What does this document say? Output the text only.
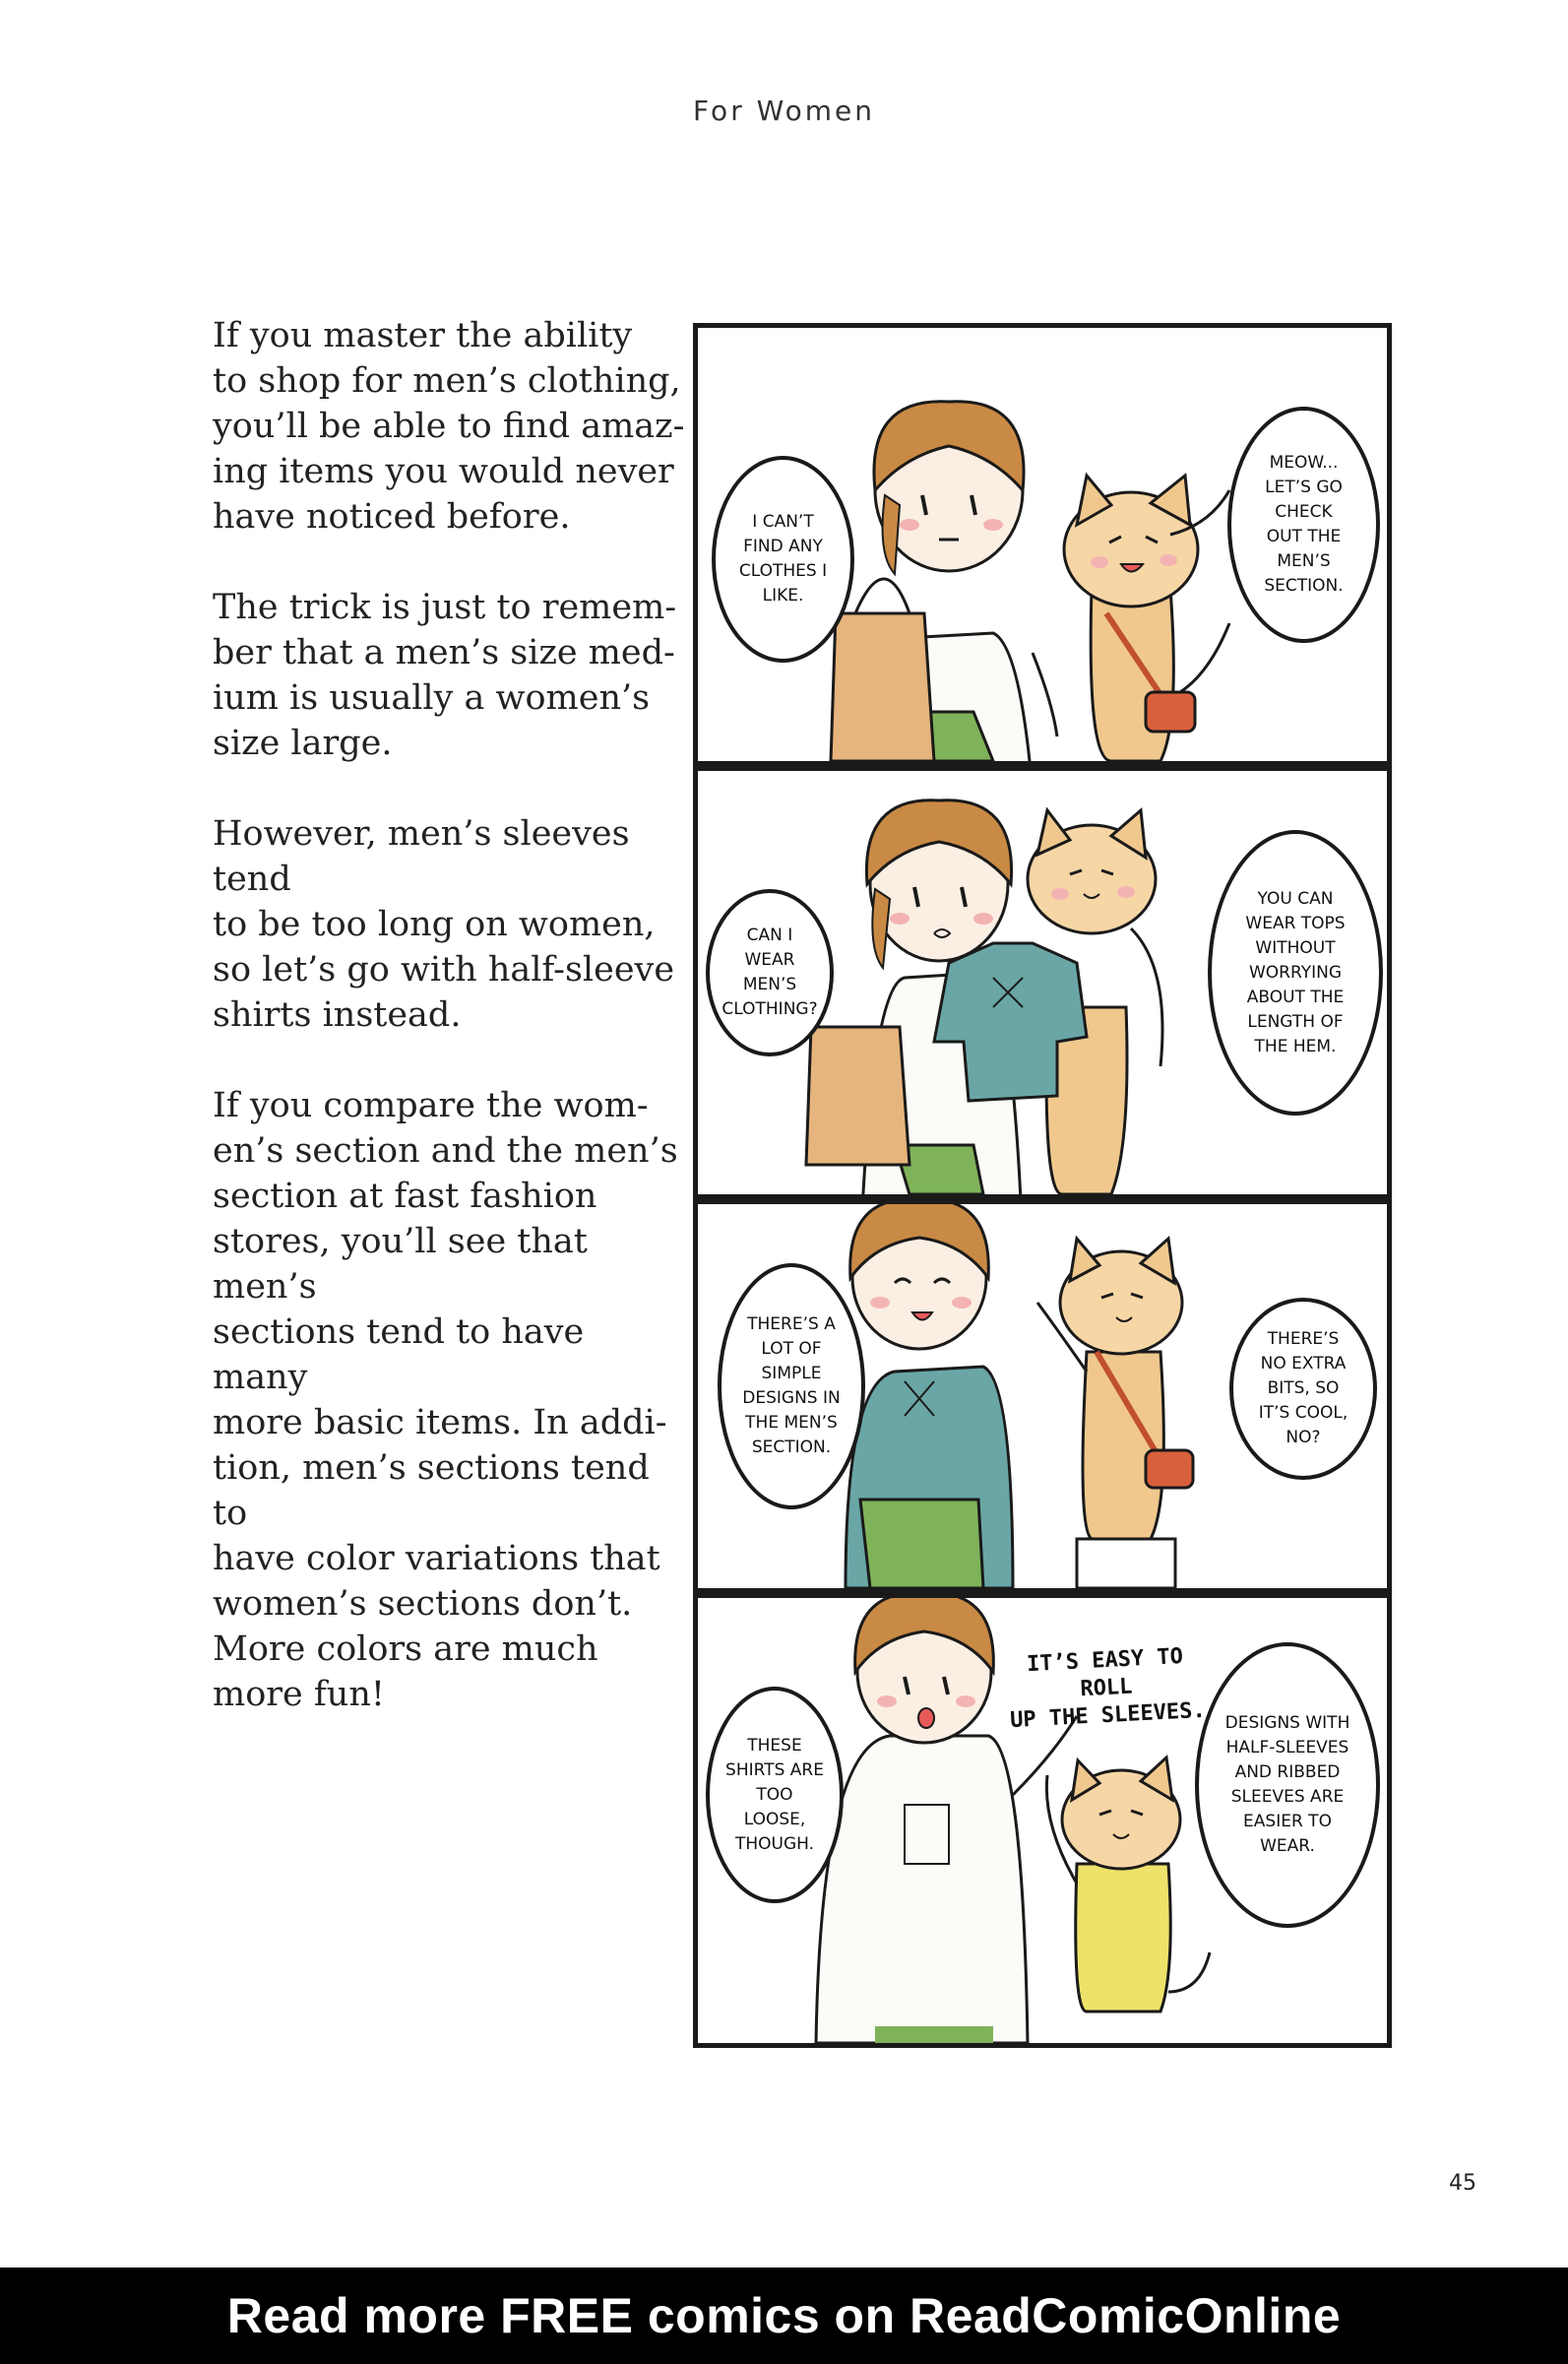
For Women

If you master the ability
to shop for men’s clothing,
you’ll be able to find amaz-
ing items you would never
have noticed before.

The trick is just to remem-
ber that a men’s size med-
ium is usually a women’s
size large.

However, men’s sleeves tend
to be too long on women,
so let’s go with half-sleeve
shirts instead.

If you compare the wom-
en’s section and the men’s
section at fast fashion
stores, you’ll see that men’s
sections tend to have many
more basic items. In addi-
tion, men’s sections tend to
have color variations that
women’s sections don’t.
More colors are much
more fun!

I CAN’T
FIND ANY
CLOTHES I
LIKE.
MEOW...
LET’S GO
CHECK
OUT THE
MEN’S
SECTION.
CAN I WEAR
MEN’S
CLOTHING?
YOU CAN
WEAR TOPS
WITHOUT
WORRYING
ABOUT THE
LENGTH OF
THE HEM.
THERE’S A
LOT OF
SIMPLE
DESIGNS IN
THE MEN’S
SECTION.
THERE’S
NO EXTRA
BITS, SO
IT’S COOL,
NO?
THESE
SHIRTS ARE
TOO LOOSE,
THOUGH.
IT’S EASY TO ROLL
UP THE SLEEVES.	DESIGNS WITH
HALF-SLEEVES
AND RIBBED
SLEEVES ARE
EASIER TO
WEAR.
45
Read more FREE comics on ReadComicOnline
